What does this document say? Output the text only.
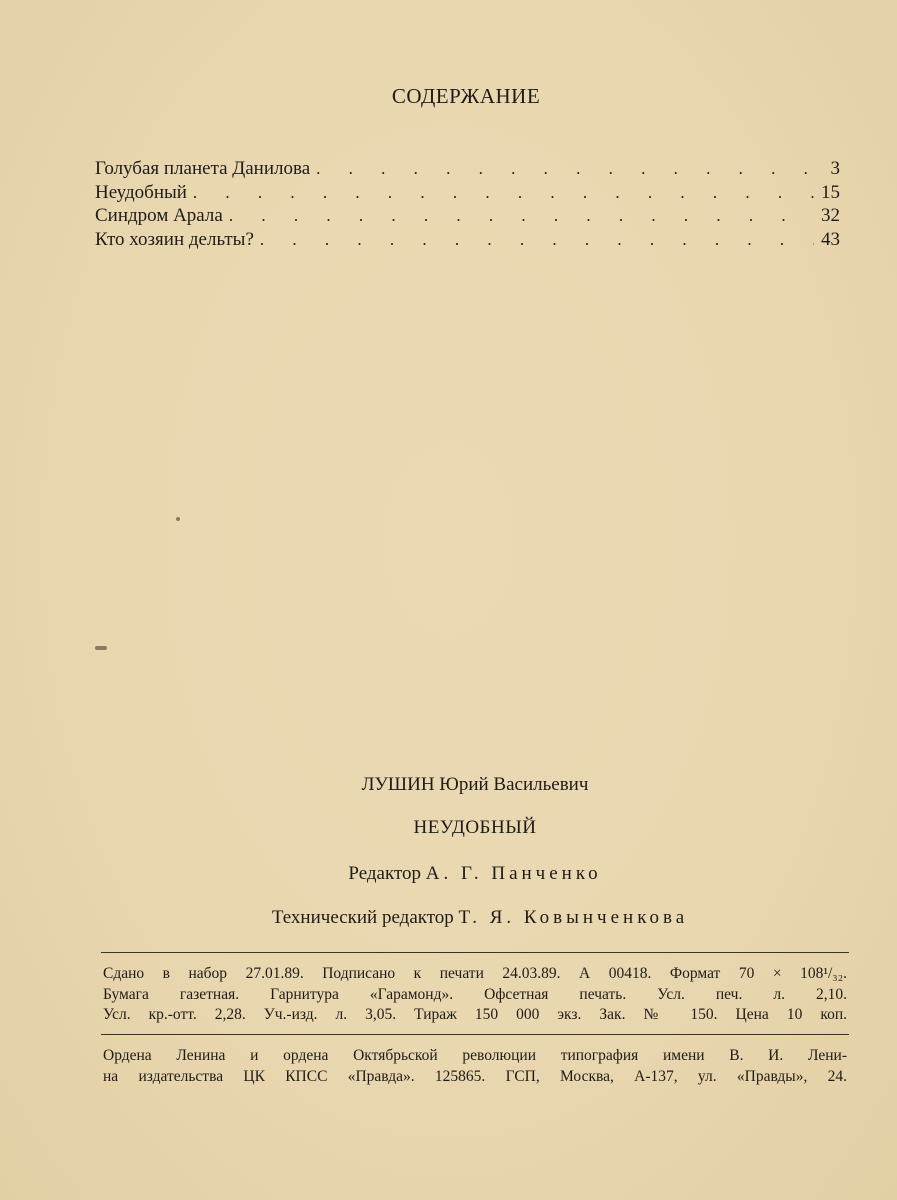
СОДЕРЖАНИЕ
Голубая планета Данилова . . .	3
Неудобный . . .	15
Синдром Арала . . .	32
Кто хозяин дельты? . . .	43
ЛУШИН Юрий Васильевич
НЕУДОБНЫЙ
Редактор А. Г. Панченко
Технический редактор Т. Я. Ковынченкова
Сдано в набор 27.01.89. Подписано к печати 24.03.89. А 00418. Формат 70 × 108¹/₃₂.
Бумага газетная. Гарнитура «Гарамонд». Офсетная печать. Усл. печ. л. 2,10.
Усл. кр.-отт. 2,28. Уч.-изд. л. 3,05. Тираж 150 000 экз. Зак. № 150. Цена 10 коп.
Ордена Ленина и ордена Октябрьской революции типография имени В. И. Лени-
на издательства ЦК КПСС «Правда». 125865. ГСП, Москва, А-137, ул. «Правды», 24.
